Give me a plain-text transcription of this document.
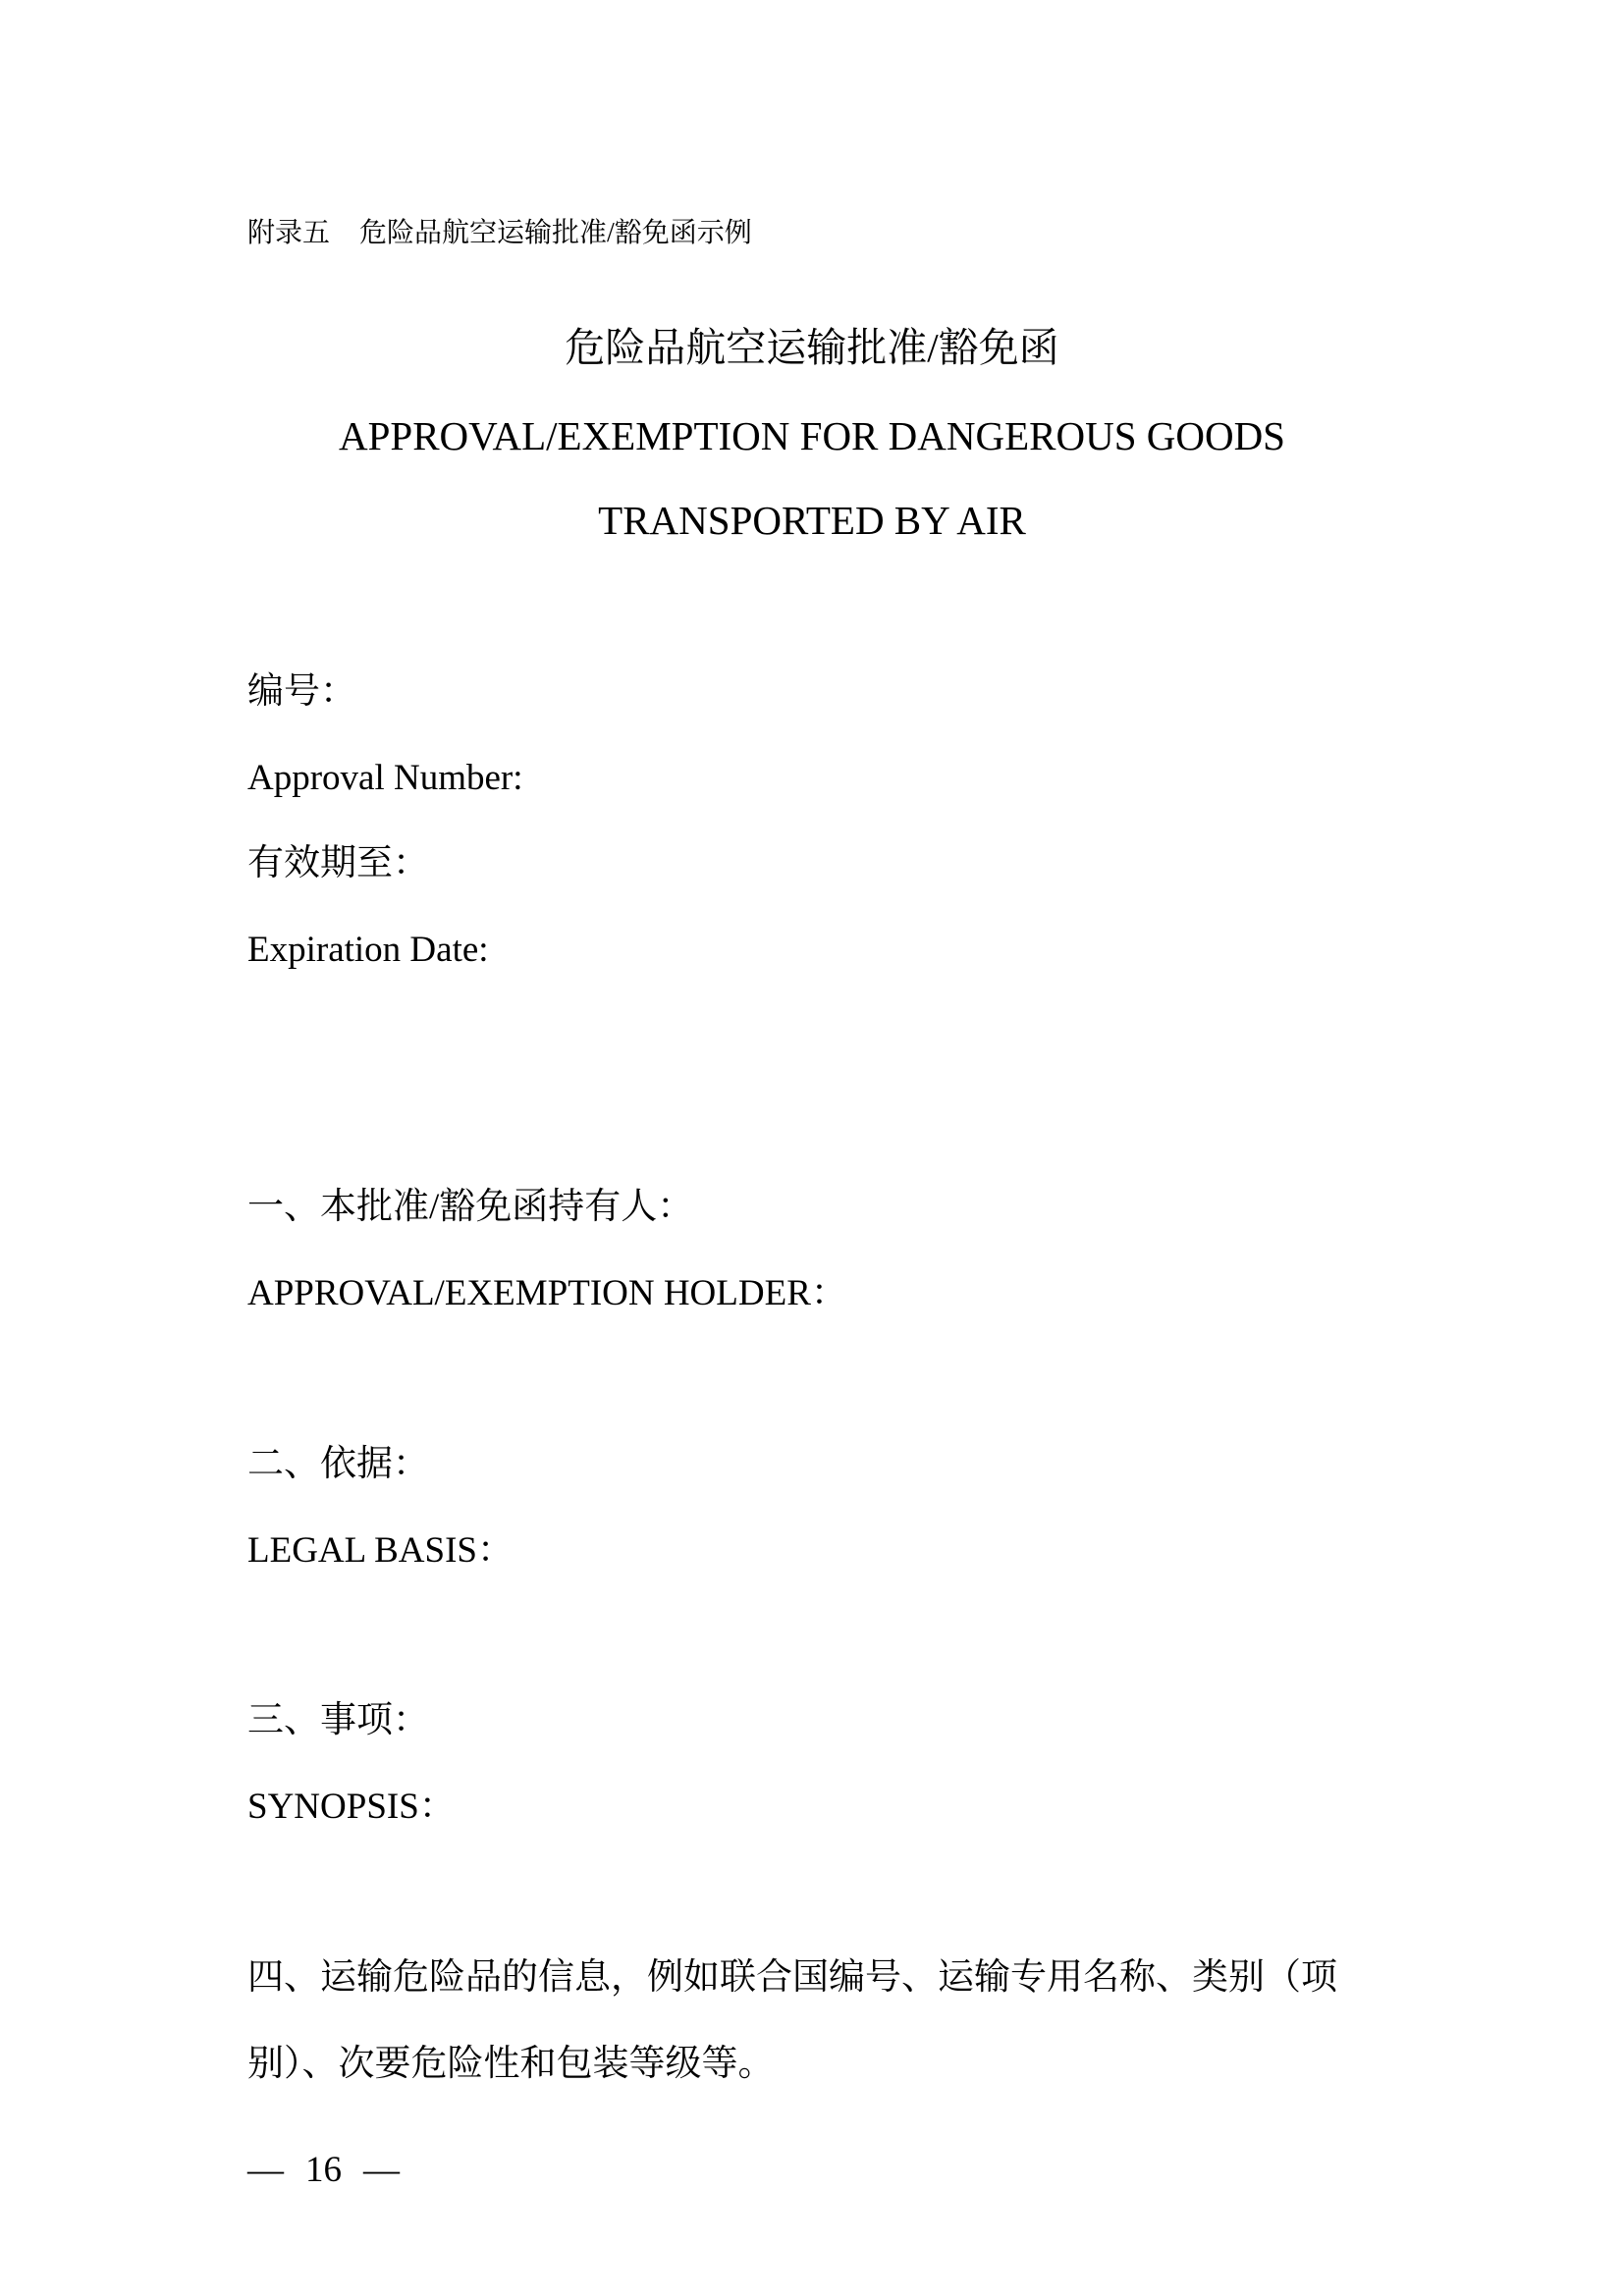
附录五 危险品航空运输批准/豁免函示例
危险品航空运输批准/豁免函
APPROVAL/EXEMPTION FOR DANGEROUS GOODS
TRANSPORTED BY AIR
编号：
Approval Number:
有效期至：
Expiration Date:
一、本批准/豁免函持有人：
APPROVAL/EXEMPTION HOLDER：
二、依据：
LEGAL BASIS：
三、事项：
SYNOPSIS：
四、运输危险品的信息，例如联合国编号、运输专用名称、类别（项
别）、次要危险性和包装等级等。
— 16 —
